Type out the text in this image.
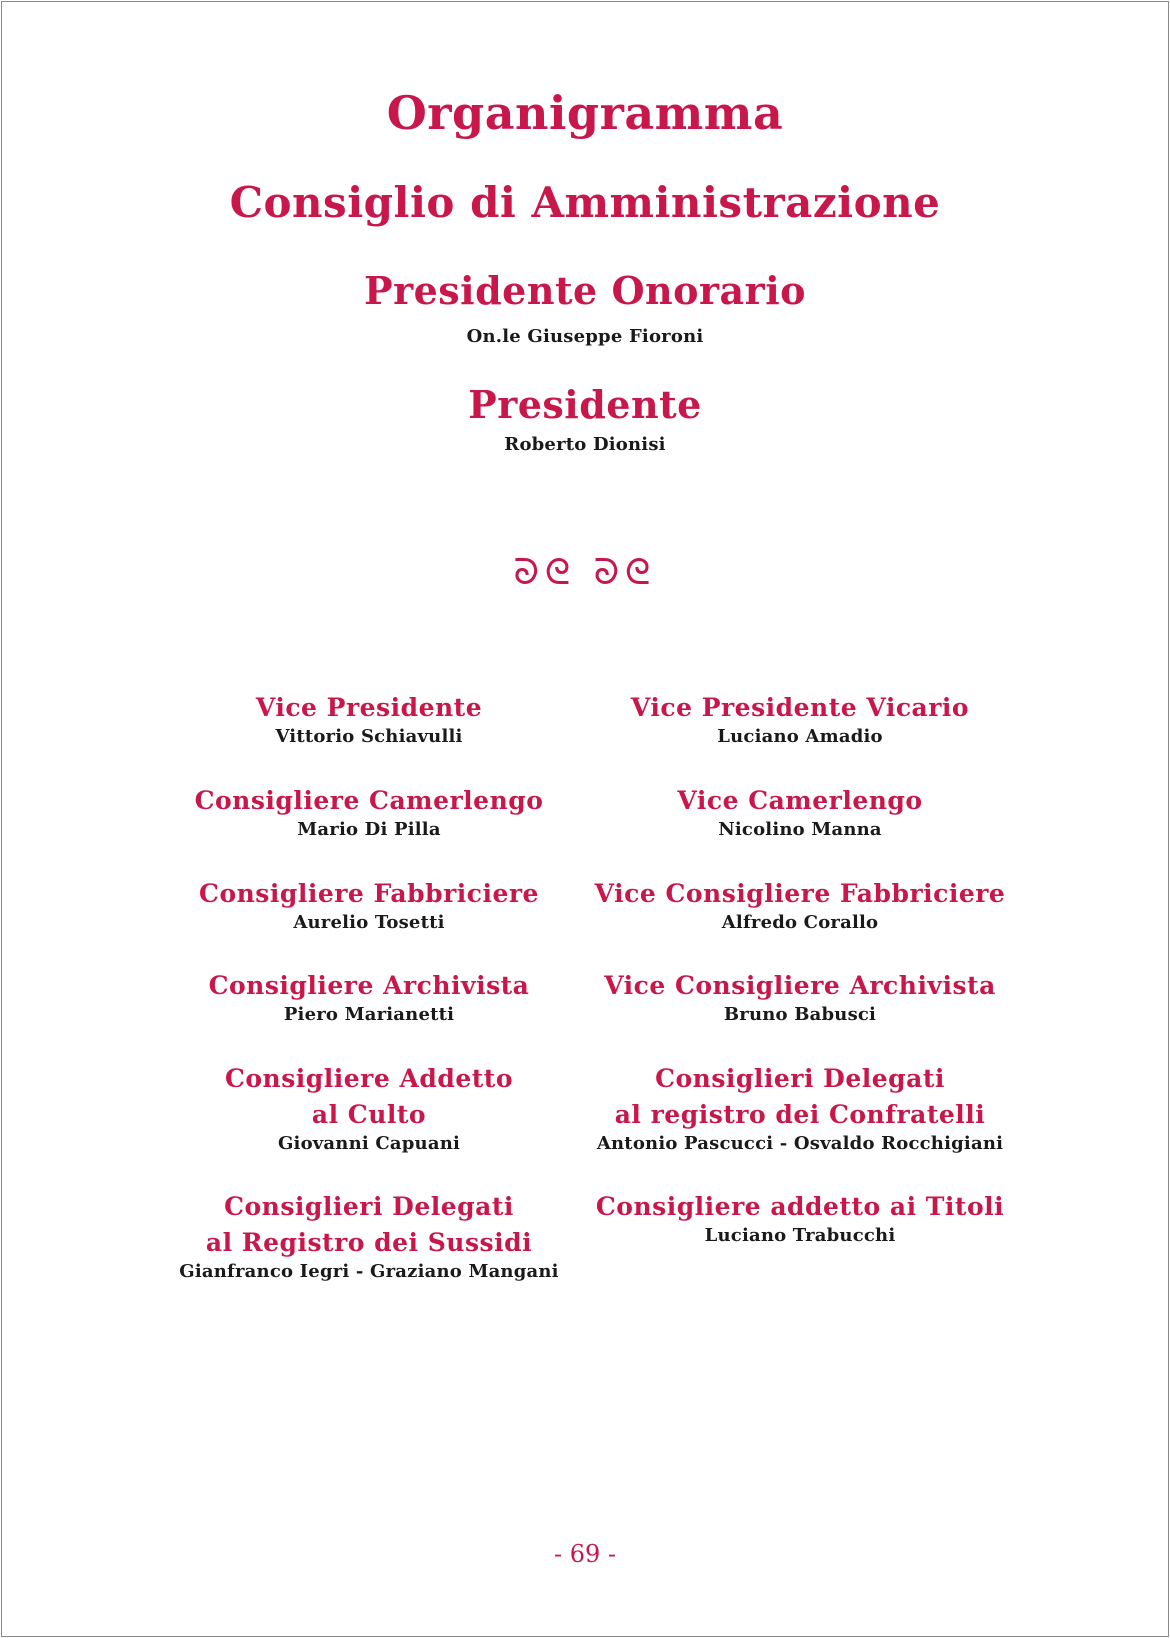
Organigramma
Consiglio di Amministrazione
Presidente Onorario
On.le Giuseppe Fioroni
Presidente
Roberto Dionisi
ᘐᘓ ᘐᘓ
Vice Presidente
Vittorio Schiavulli
Consigliere Camerlengo
Mario Di Pilla
Consigliere Fabbriciere
Aurelio Tosetti
Consigliere Archivista
Piero Marianetti
Consigliere Addetto
al Culto
Giovanni Capuani
Consiglieri Delegati
al Registro dei Sussidi
Gianfranco Iegri - Graziano Mangani
Vice Presidente Vicario
Luciano Amadio
Vice Camerlengo
Nicolino Manna
Vice Consigliere Fabbriciere
Alfredo Corallo
Vice Consigliere Archivista
Bruno Babusci
Consiglieri Delegati
al registro dei Confratelli
Antonio Pascucci - Osvaldo Rocchigiani
Consigliere addetto ai Titoli
Luciano Trabucchi
- 69 -
